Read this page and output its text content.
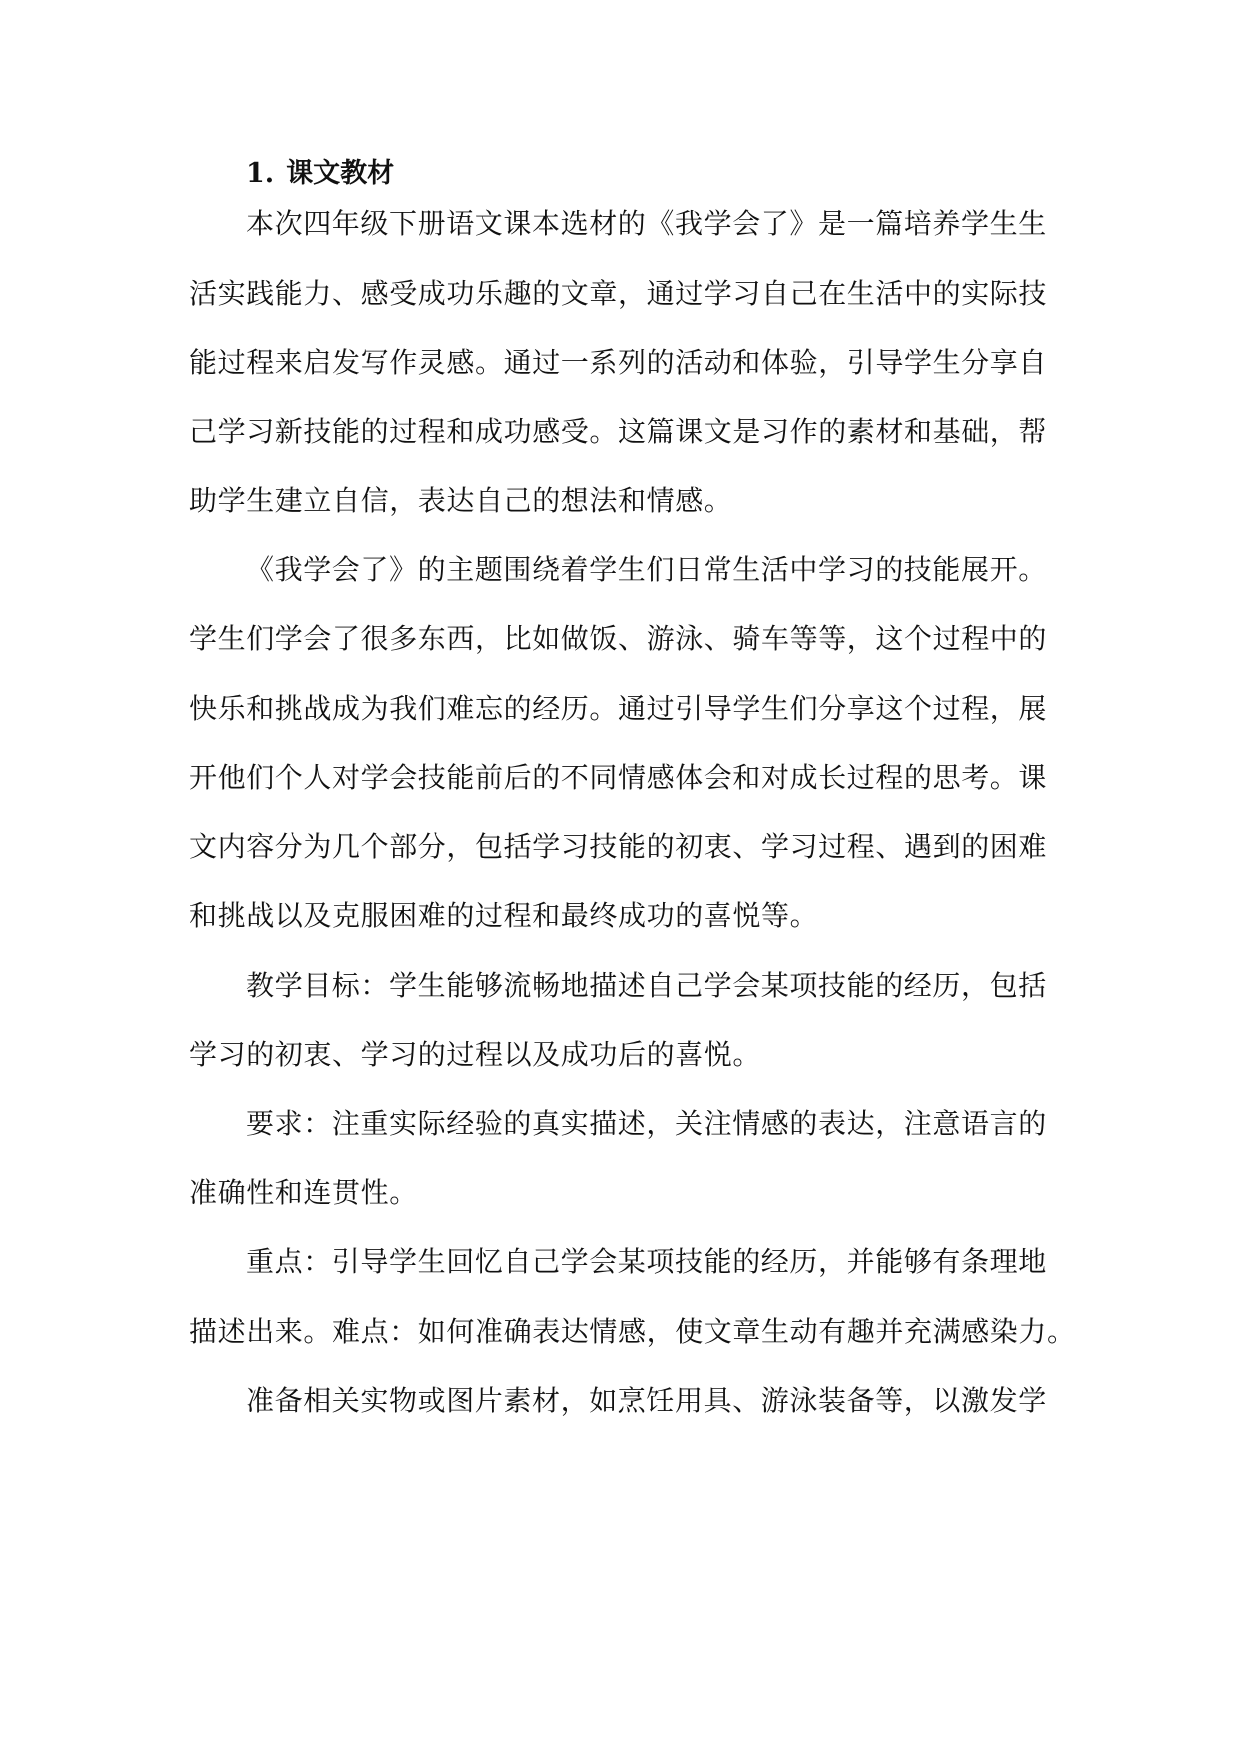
1. 课文教材

本次四年级下册语文课本选材的《我学会了》是一篇培养学生生

活实践能力、感受成功乐趣的文章，通过学习自己在生活中的实际技

能过程来启发写作灵感。通过一系列的活动和体验，引导学生分享自

己学习新技能的过程和成功感受。这篇课文是习作的素材和基础，帮

助学生建立自信，表达自己的想法和情感。

《我学会了》的主题围绕着学生们日常生活中学习的技能展开。

学生们学会了很多东西，比如做饭、游泳、骑车等等，这个过程中的

快乐和挑战成为我们难忘的经历。通过引导学生们分享这个过程，展

开他们个人对学会技能前后的不同情感体会和对成长过程的思考。课

文内容分为几个部分，包括学习技能的初衷、学习过程、遇到的困难

和挑战以及克服困难的过程和最终成功的喜悦等。

教学目标：学生能够流畅地描述自己学会某项技能的经历，包括

学习的初衷、学习的过程以及成功后的喜悦。

要求：注重实际经验的真实描述，关注情感的表达，注意语言的

准确性和连贯性。

重点：引导学生回忆自己学会某项技能的经历，并能够有条理地

描述出来。难点：如何准确表达情感，使文章生动有趣并充满感染力。

准备相关实物或图片素材，如烹饪用具、游泳装备等，以激发学
